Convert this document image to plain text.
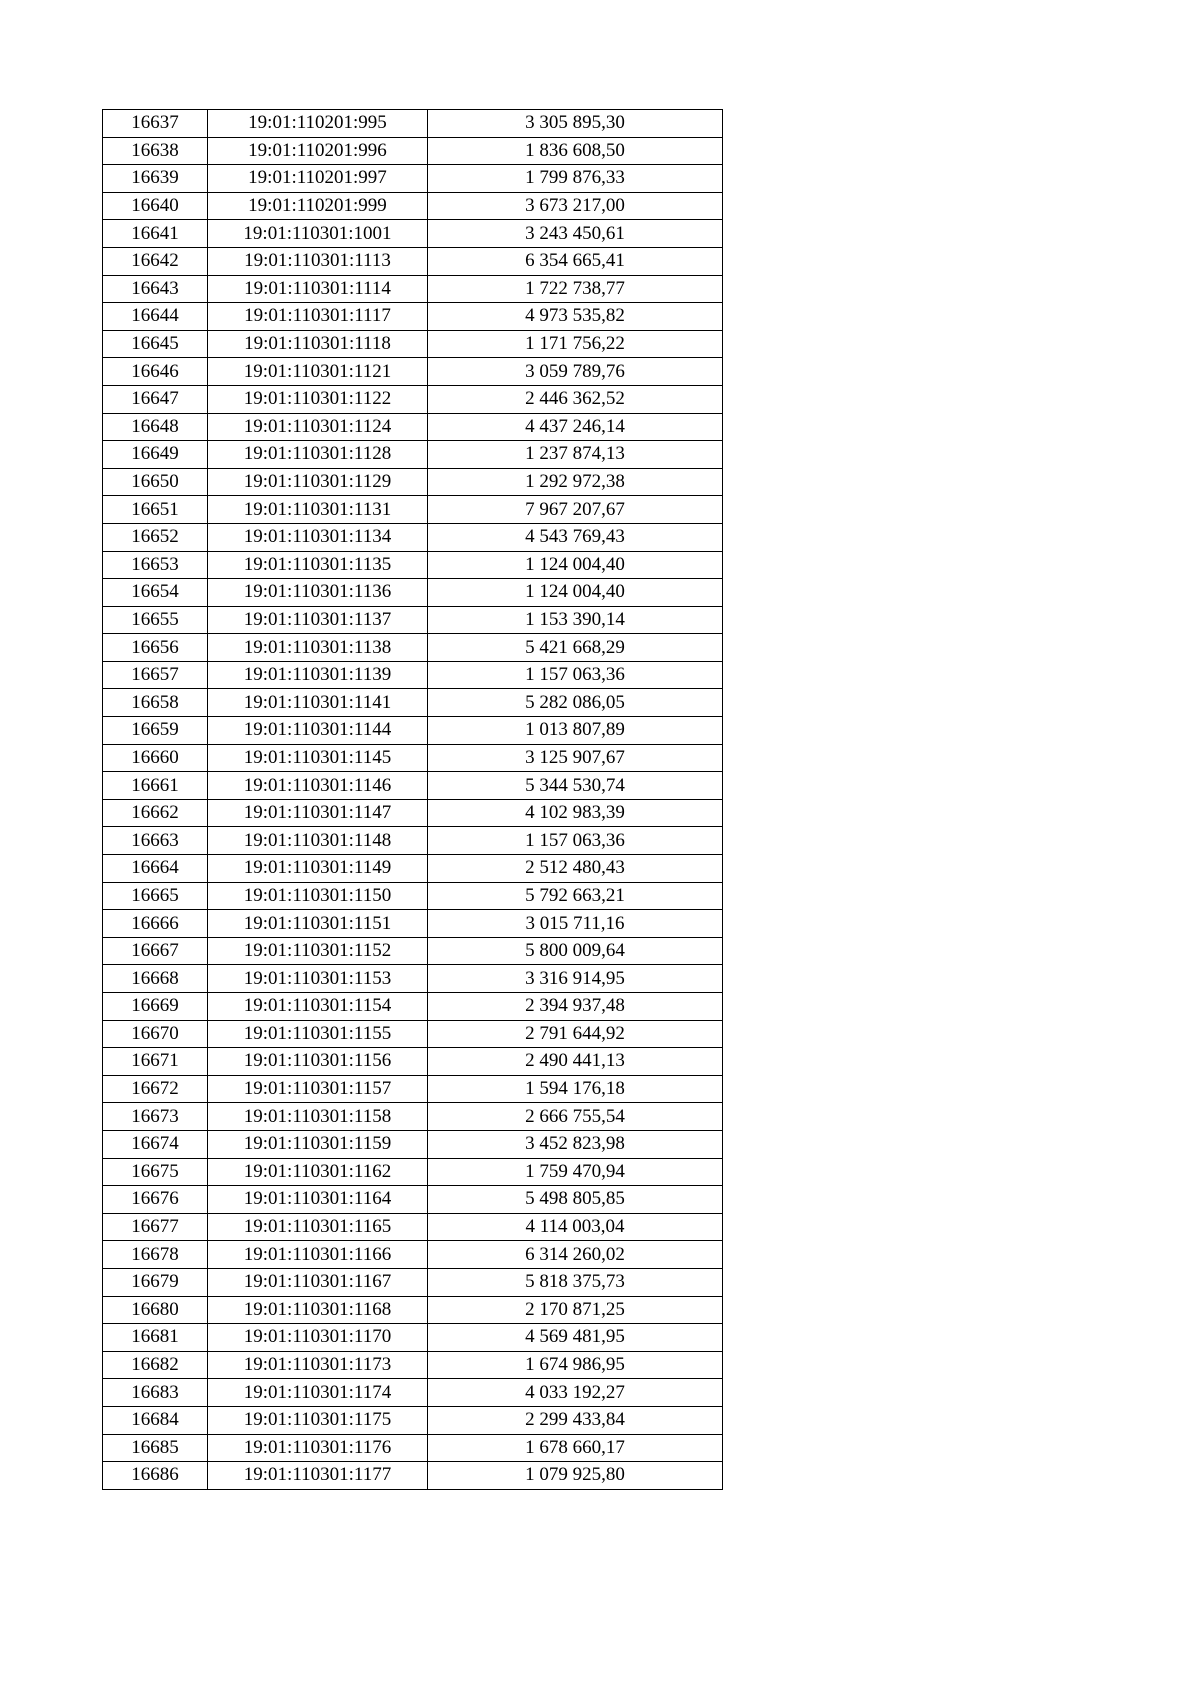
16637	19:01:110201:995	3 305 895,30
16638	19:01:110201:996	1 836 608,50
16639	19:01:110201:997	1 799 876,33
16640	19:01:110201:999	3 673 217,00
16641	19:01:110301:1001	3 243 450,61
16642	19:01:110301:1113	6 354 665,41
16643	19:01:110301:1114	1 722 738,77
16644	19:01:110301:1117	4 973 535,82
16645	19:01:110301:1118	1 171 756,22
16646	19:01:110301:1121	3 059 789,76
16647	19:01:110301:1122	2 446 362,52
16648	19:01:110301:1124	4 437 246,14
16649	19:01:110301:1128	1 237 874,13
16650	19:01:110301:1129	1 292 972,38
16651	19:01:110301:1131	7 967 207,67
16652	19:01:110301:1134	4 543 769,43
16653	19:01:110301:1135	1 124 004,40
16654	19:01:110301:1136	1 124 004,40
16655	19:01:110301:1137	1 153 390,14
16656	19:01:110301:1138	5 421 668,29
16657	19:01:110301:1139	1 157 063,36
16658	19:01:110301:1141	5 282 086,05
16659	19:01:110301:1144	1 013 807,89
16660	19:01:110301:1145	3 125 907,67
16661	19:01:110301:1146	5 344 530,74
16662	19:01:110301:1147	4 102 983,39
16663	19:01:110301:1148	1 157 063,36
16664	19:01:110301:1149	2 512 480,43
16665	19:01:110301:1150	5 792 663,21
16666	19:01:110301:1151	3 015 711,16
16667	19:01:110301:1152	5 800 009,64
16668	19:01:110301:1153	3 316 914,95
16669	19:01:110301:1154	2 394 937,48
16670	19:01:110301:1155	2 791 644,92
16671	19:01:110301:1156	2 490 441,13
16672	19:01:110301:1157	1 594 176,18
16673	19:01:110301:1158	2 666 755,54
16674	19:01:110301:1159	3 452 823,98
16675	19:01:110301:1162	1 759 470,94
16676	19:01:110301:1164	5 498 805,85
16677	19:01:110301:1165	4 114 003,04
16678	19:01:110301:1166	6 314 260,02
16679	19:01:110301:1167	5 818 375,73
16680	19:01:110301:1168	2 170 871,25
16681	19:01:110301:1170	4 569 481,95
16682	19:01:110301:1173	1 674 986,95
16683	19:01:110301:1174	4 033 192,27
16684	19:01:110301:1175	2 299 433,84
16685	19:01:110301:1176	1 678 660,17
16686	19:01:110301:1177	1 079 925,80
